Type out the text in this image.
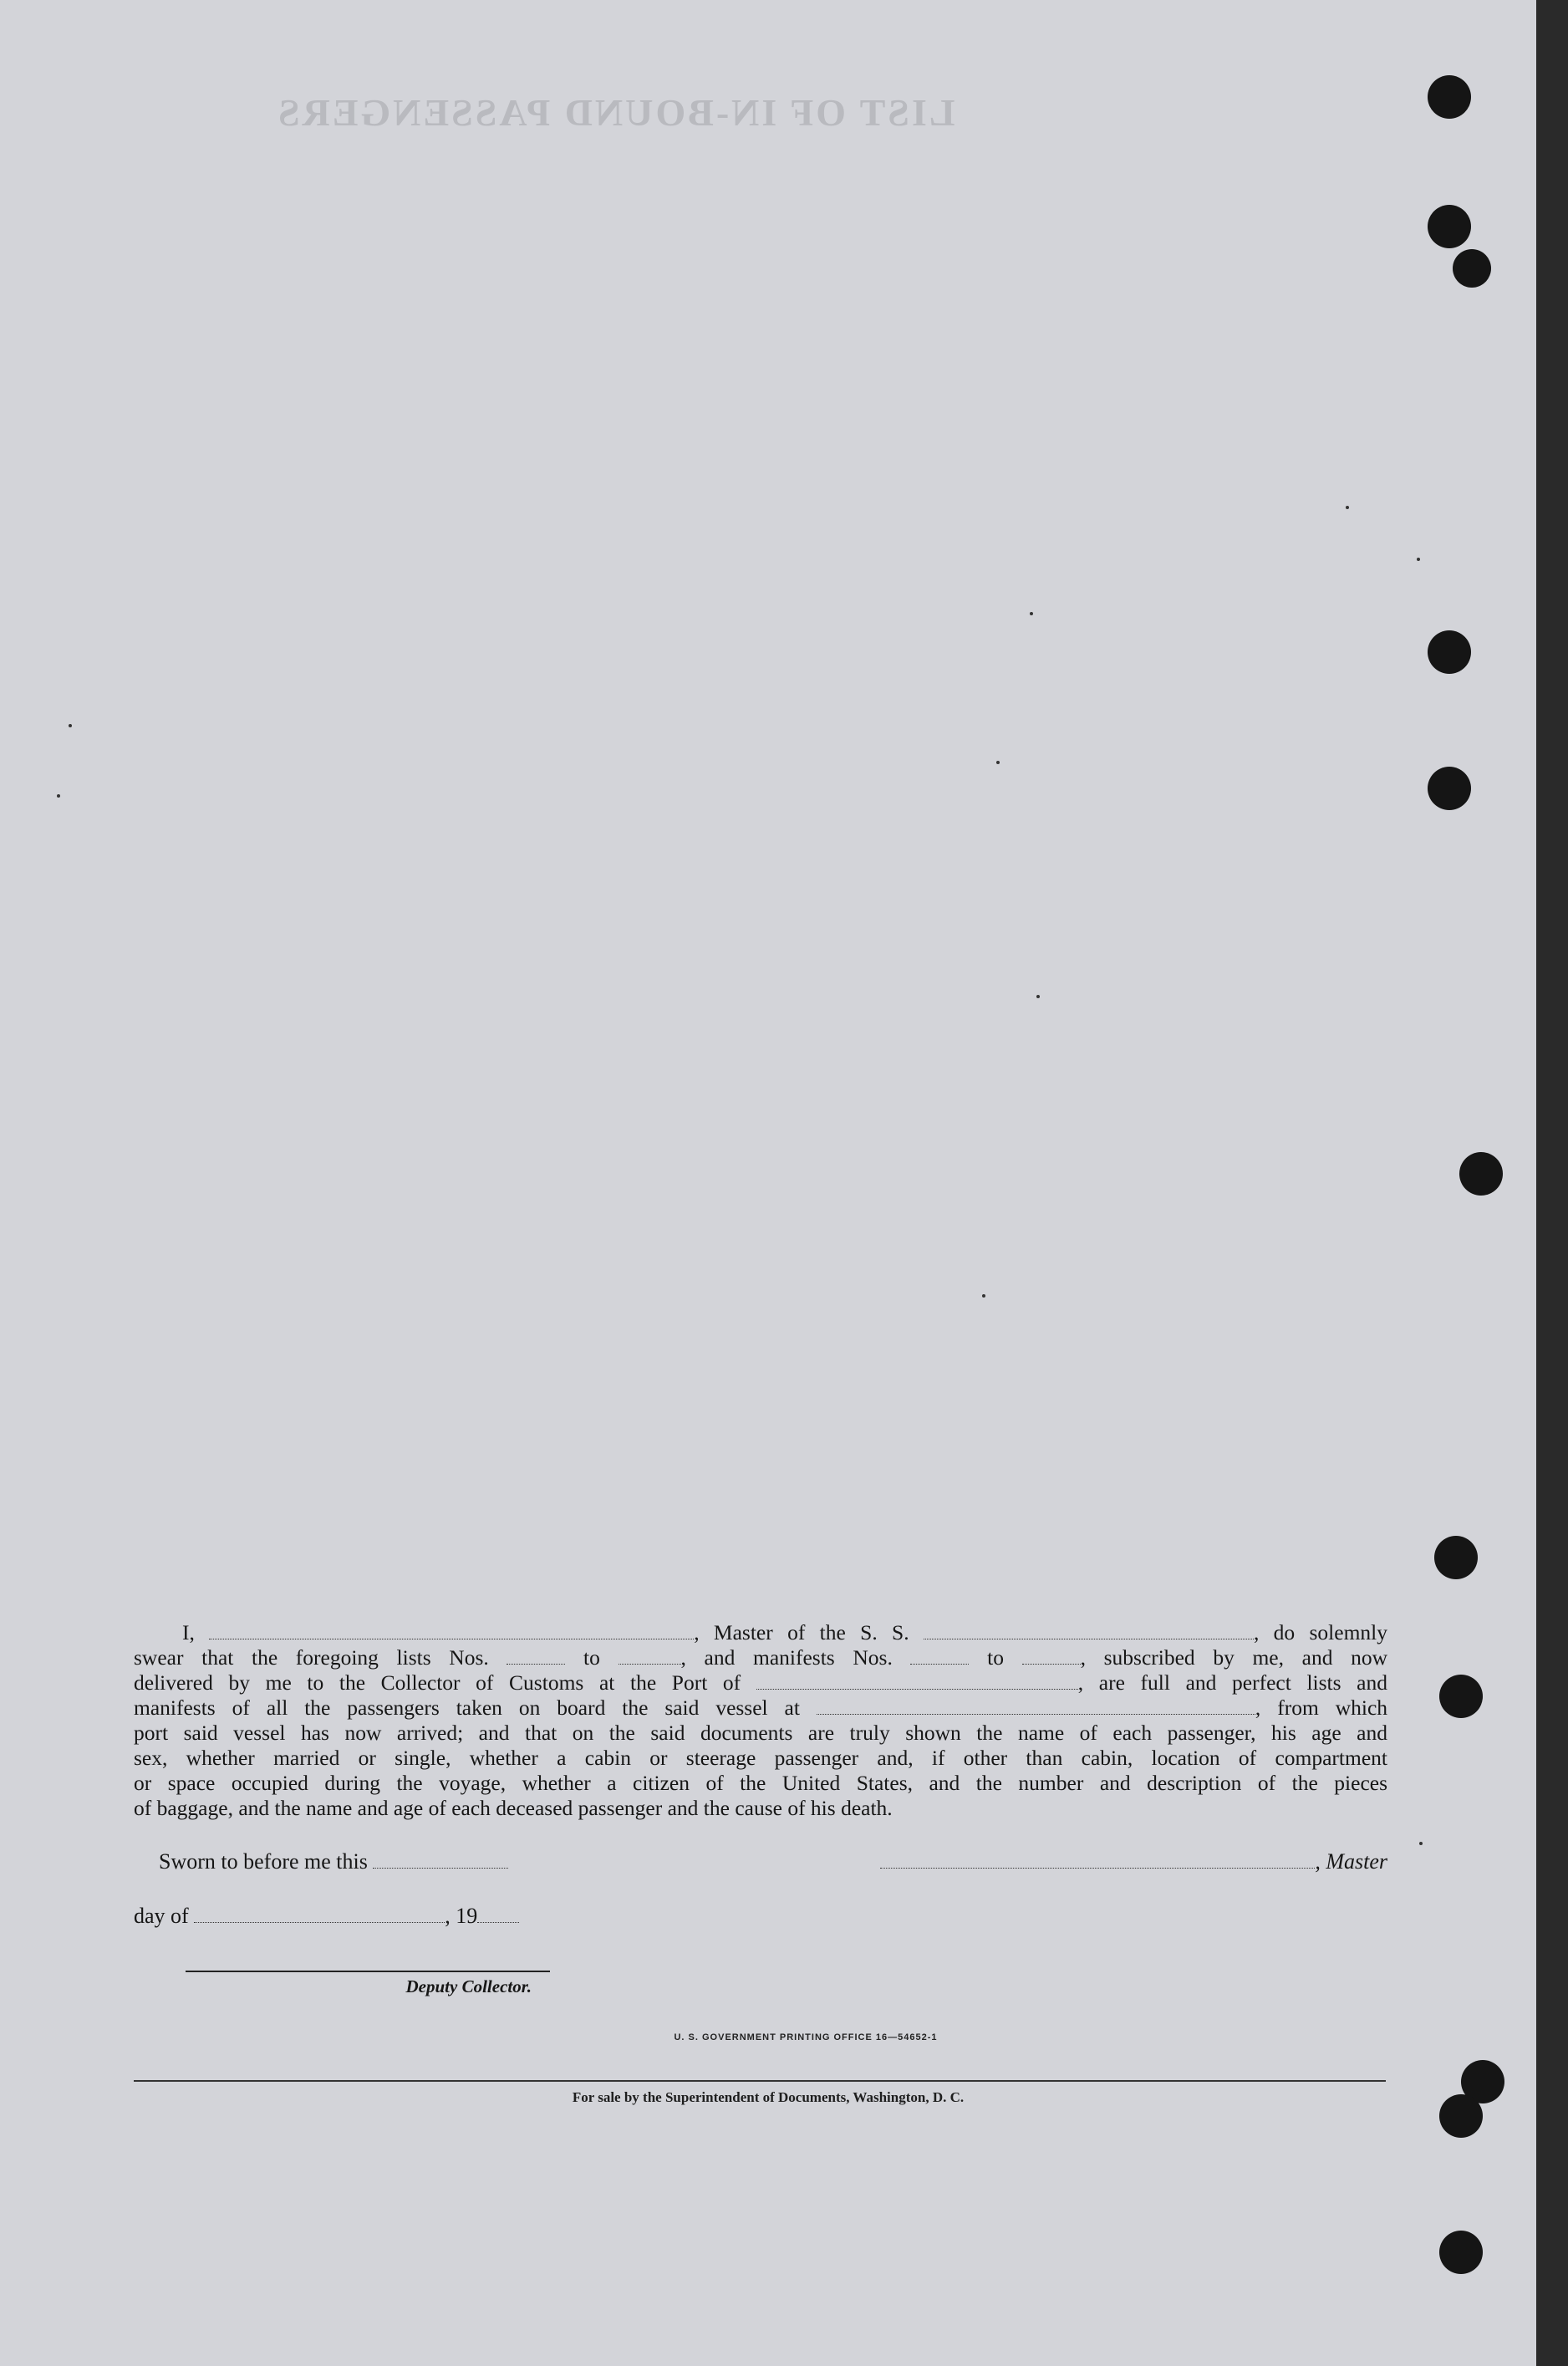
LIST OF IN-BOUND PASSENGERS
I,	, Master of the S. S.	, do solemnly
swear that the foregoing lists Nos.	to	, and manifests Nos.	to	, subscribed by me, and now
delivered by me to the Collector of Customs at the Port of	, are full and perfect lists and
manifests of all the passengers taken on board the said vessel at	, from which
port said vessel has now arrived; and that on the said documents are truly shown the name of each passenger, his age and
sex, whether married or single, whether a cabin or steerage passenger and, if other than cabin, location of compartment
or space occupied during the voyage, whether a citizen of the United States, and the number and description of the pieces
of baggage, and the name and age of each deceased passenger and the cause of his death.
Sworn to before me this	, Master
day of	, 19
Deputy Collector.
U. S. GOVERNMENT PRINTING OFFICE 16—54652-1
For sale by the Superintendent of Documents, Washington, D. C.
